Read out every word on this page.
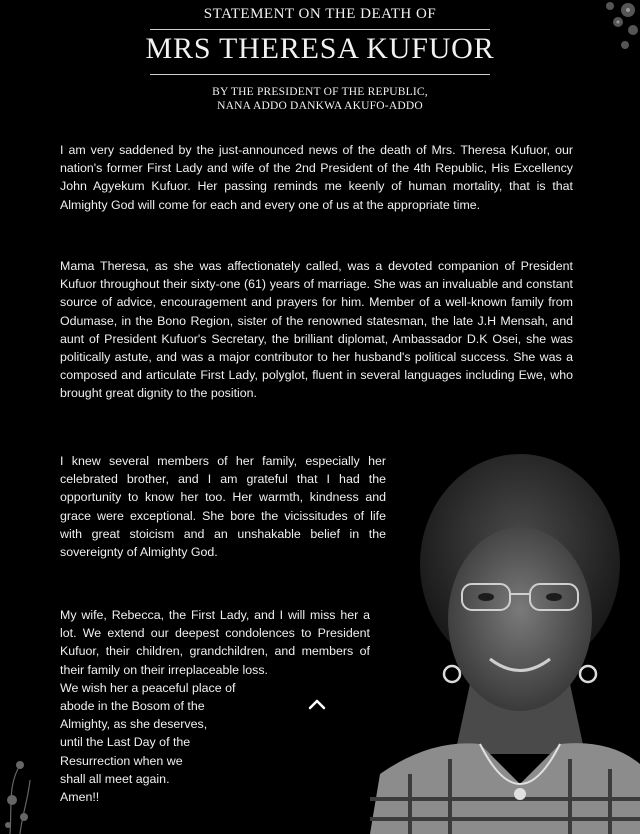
STATEMENT ON THE DEATH OF
MRS THERESA KUFUOR
BY THE PRESIDENT OF THE REPUBLIC,
NANA ADDO DANKWA AKUFO-ADDO
I am very saddened by the just-announced news of the death of Mrs. Theresa Kufuor, our nation's former First Lady and wife of the 2nd President of the 4th Republic, His Excellency John Agyekum Kufuor. Her passing reminds me keenly of human mortality, that is that Almighty God will come for each and every one of us at the appropriate time.
Mama Theresa, as she was affectionately called, was a devoted companion of President Kufuor throughout their sixty-one (61) years of marriage. She was an invaluable and constant source of advice, encouragement and prayers for him. Member of a well-known family from Odumase, in the Bono Region, sister of the renowned statesman, the late J.H Mensah, and aunt of President Kufuor's Secretary, the brilliant diplomat, Ambassador D.K Osei, she was politically astute, and was a major contributor to her husband's political success. She was a composed and articulate First Lady, polyglot, fluent in several languages including Ewe, who brought great dignity to the position.
I knew several members of her family, especially her celebrated brother, and I am grateful that I had the opportunity to know her too. Her warmth, kindness and grace were exceptional. She bore the vicissitudes of life with great stoicism and an unshakable belief in the sovereignty of Almighty God.
My wife, Rebecca, the First Lady, and I will miss her a lot. We extend our deepest condolences to President Kufuor, their children, grandchildren, and members of their family on their irreplaceable loss.
We wish her a peaceful place of
abode in the Bosom of the
Almighty, as she deserves,
until the Last Day of the
Resurrection when we
shall all meet again.
Amen!!
